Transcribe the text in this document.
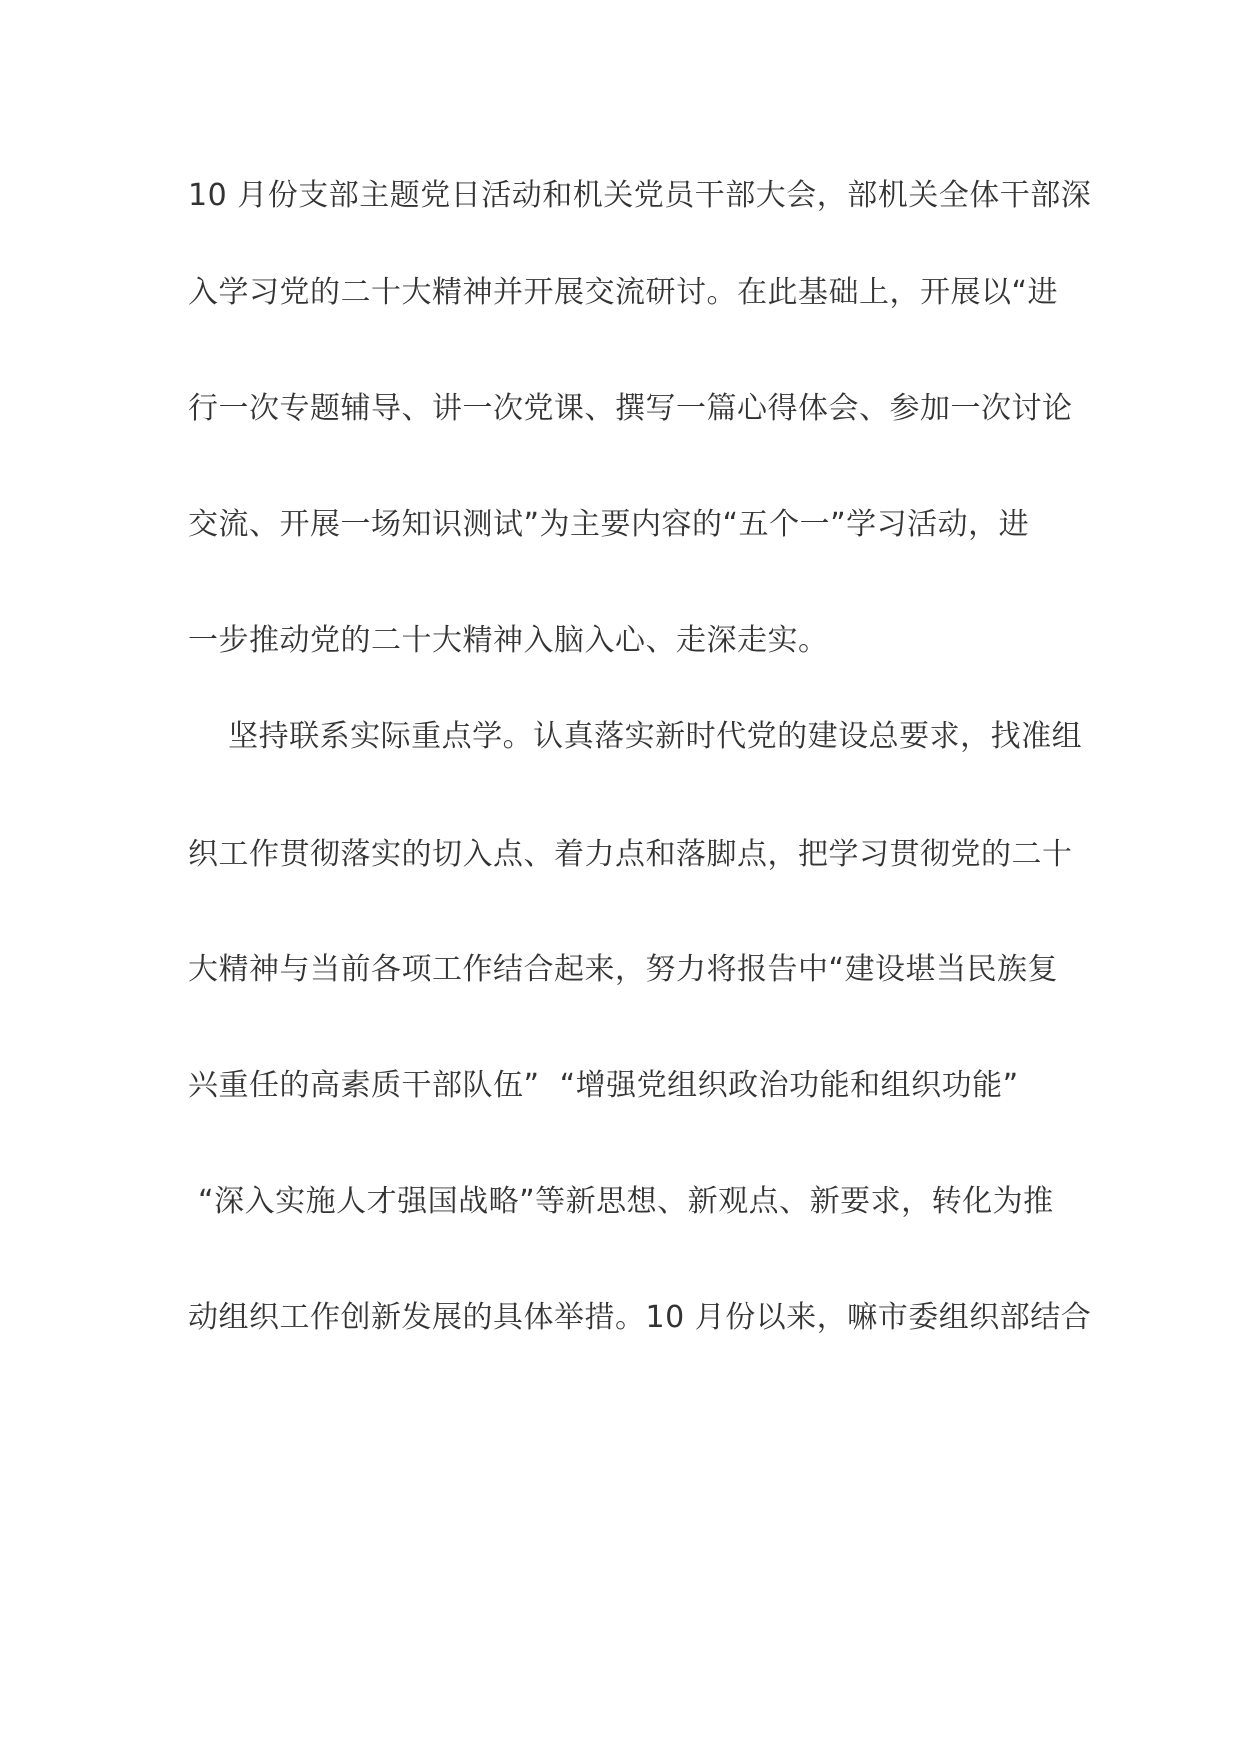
10 月份支部主题党日活动和机关党员干部大会，部机关全体干部深
入学习党的二十大精神并开展交流研讨。在此基础上，开展以“进
行一次专题辅导、讲一次党课、撰写一篇心得体会、参加一次讨论
交流、开展一场知识测试”为主要内容的“五个一”学习活动，进
一步推动党的二十大精神入脑入心、走深走实。
坚持联系实际重点学。认真落实新时代党的建设总要求，找准组
织工作贯彻落实的切入点、着力点和落脚点，把学习贯彻党的二十
大精神与当前各项工作结合起来，努力将报告中“建设堪当民族复
兴重任的高素质干部队伍”  “增强党组织政治功能和组织功能”
“深入实施人才强国战略”等新思想、新观点、新要求，转化为推
动组织工作创新发展的具体举措。10 月份以来，嘛市委组织部结合
